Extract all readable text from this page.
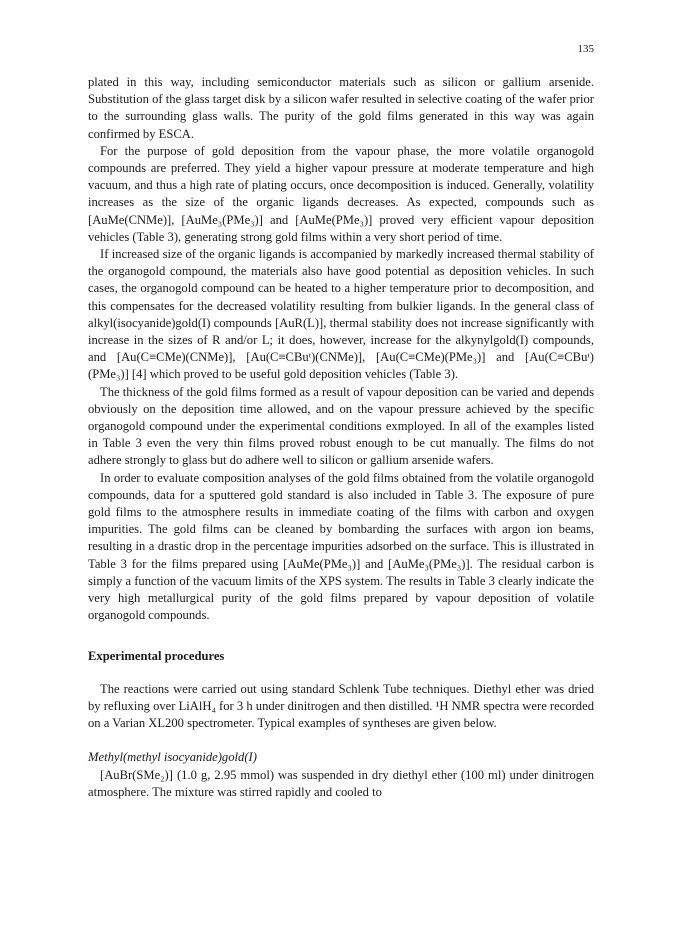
135

plated in this way, including semiconductor materials such as silicon or gallium arsenide. Substitution of the glass target disk by a silicon wafer resulted in selective coating of the wafer prior to the surrounding glass walls. The purity of the gold films generated in this way was again confirmed by ESCA.

For the purpose of gold deposition from the vapour phase, the more volatile organogold compounds are preferred. They yield a higher vapour pressure at moderate temperature and high vacuum, and thus a high rate of plating occurs, once decomposition is induced. Generally, volatility increases as the size of the organic ligands decreases. As expected, compounds such as [AuMe(CNMe)], [AuMe₃(PMe₃)] and [AuMe(PMe₃)] proved very efficient vapour deposition vehicles (Table 3), generating strong gold films within a very short period of time.

If increased size of the organic ligands is accompanied by markedly increased thermal stability of the organogold compound, the materials also have good potential as deposition vehicles. In such cases, the organogold compound can be heated to a higher temperature prior to decomposition, and this compensates for the decreased volatility resulting from bulkier ligands. In the general class of alkyl(isocyanide)gold(I) compounds [AuR(L)], thermal stability does not increase significantly with increase in the sizes of R and/or L; it does, however, increase for the alkynylgold(I) compounds, and [Au(C≡CMe)(CNMe)], [Au(C≡CBuᵗ)(CNMe)], [Au(C≡CMe)(PMe₃)] and [Au(C≡CBuᵗ)(PMe₃)] [4] which proved to be useful gold deposition vehicles (Table 3).

The thickness of the gold films formed as a result of vapour deposition can be varied and depends obviously on the deposition time allowed, and on the vapour pressure achieved by the specific organogold compound under the experimental conditions exmployed. In all of the examples listed in Table 3 even the very thin films proved robust enough to be cut manually. The films do not adhere strongly to glass but do adhere well to silicon or gallium arsenide wafers.

In order to evaluate composition analyses of the gold films obtained from the volatile organogold compounds, data for a sputtered gold standard is also included in Table 3. The exposure of pure gold films to the atmosphere results in immediate coating of the films with carbon and oxygen impurities. The gold films can be cleaned by bombarding the surfaces with argon ion beams, resulting in a drastic drop in the percentage impurities adsorbed on the surface. This is illustrated in Table 3 for the films prepared using [AuMe(PMe₃)] and [AuMe₃(PMe₃)]. The residual carbon is simply a function of the vacuum limits of the XPS system. The results in Table 3 clearly indicate the very high metallurgical purity of the gold films prepared by vapour deposition of volatile organogold compounds.

Experimental procedures

The reactions were carried out using standard Schlenk Tube techniques. Diethyl ether was dried by refluxing over LiAlH₄ for 3 h under dinitrogen and then distilled. ¹H NMR spectra were recorded on a Varian XL200 spectrometer. Typical examples of syntheses are given below.

Methyl(methyl isocyanide)gold(I)

[AuBr(SMe₂)] (1.0 g, 2.95 mmol) was suspended in dry diethyl ether (100 ml) under dinitrogen atmosphere. The mixture was stirred rapidly and cooled to
